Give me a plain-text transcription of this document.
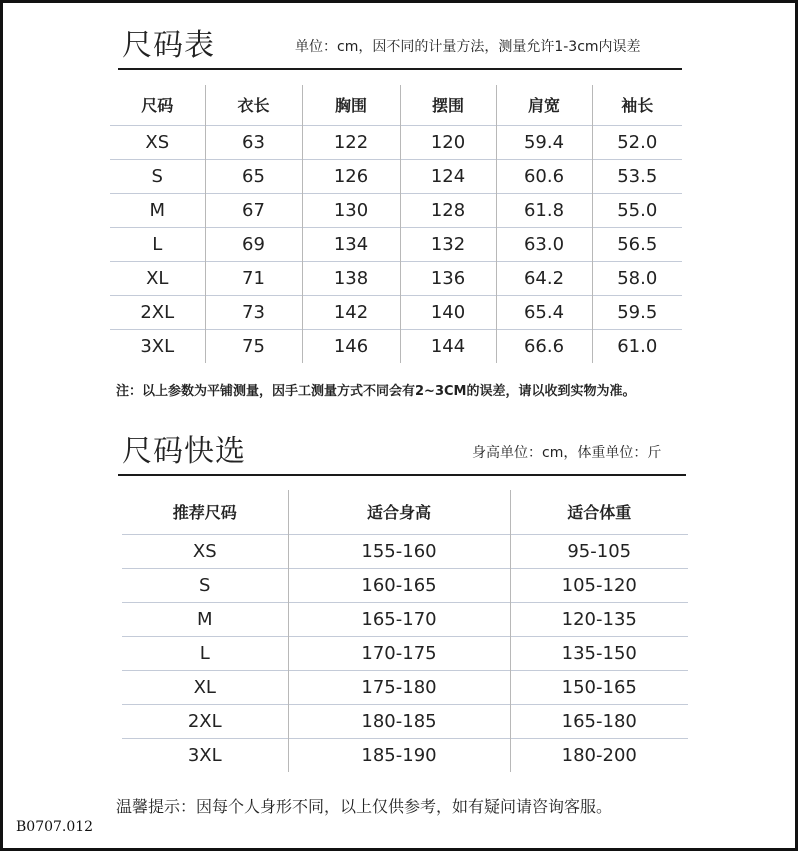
尺码表	单位：cm，因不同的计量方法，测量允许1-3cm内误差
尺码	衣长	胸围	摆围	肩宽	袖长
XS	63	122	120	59.4	52.0
S	65	126	124	60.6	53.5
M	67	130	128	61.8	55.0
L	69	134	132	63.0	56.5
XL	71	138	136	64.2	58.0
2XL	73	142	140	65.4	59.5
3XL	75	146	144	66.6	61.0
注：以上参数为平铺测量，因手工测量方式不同会有2~3CM的误差，请以收到实物为准。
尺码快选	身高单位：cm，体重单位：斤
推荐尺码	适合身高	适合体重
XS	155-160	95-105
S	160-165	105-120
M	165-170	120-135
L	170-175	135-150
XL	175-180	150-165
2XL	180-185	165-180
3XL	185-190	180-200
温馨提示：因每个人身形不同，以上仅供参考，如有疑问请咨询客服。
B0707.012
